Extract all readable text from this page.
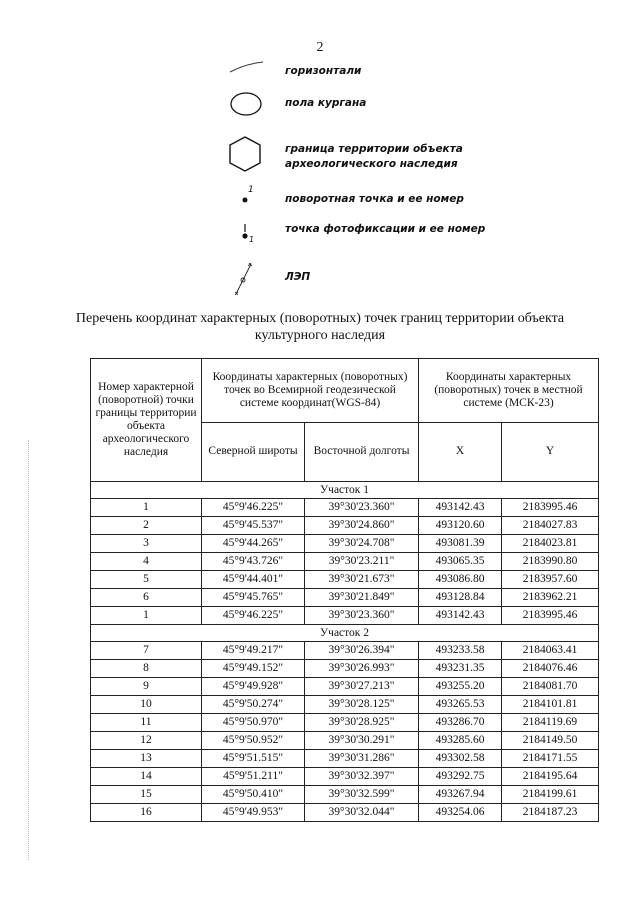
2
горизонтали
пола кургана
граница территории объекта археологического наследия
1
поворотная точка и ее номер
1
точка фотофиксации и ее номер
ЛЭП
Перечень координат характерных (поворотных) точек границ территории объекта культурного наследия
Номер характерной (поворотной) точки границы территории объекта археологического наследия	Координаты характерных (поворотных) точек во Всемирной геодезической системе координат(WGS-84)		Координаты характерных (поворотных) точек в местной системе (МСК-23)	
	Северной широты	Восточной долготы	X	Y
Участок 1				
1	45°9'46.225"	39°30'23.360"	493142.43	2183995.46
2	45°9'45.537"	39°30'24.860"	493120.60	2184027.83
3	45°9'44.265"	39°30'24.708"	493081.39	2184023.81
4	45°9'43.726"	39°30'23.211"	493065.35	2183990.80
5	45°9'44.401"	39°30'21.673"	493086.80	2183957.60
6	45°9'45.765"	39°30'21.849"	493128.84	2183962.21
1	45°9'46.225"	39°30'23.360"	493142.43	2183995.46
Участок 2				
7	45°9'49.217"	39°30'26.394"	493233.58	2184063.41
8	45°9'49.152"	39°30'26.993"	493231.35	2184076.46
9	45°9'49.928"	39°30'27.213"	493255.20	2184081.70
10	45°9'50.274"	39°30'28.125"	493265.53	2184101.81
11	45°9'50.970"	39°30'28.925"	493286.70	2184119.69
12	45°9'50.952"	39°30'30.291"	493285.60	2184149.50
13	45°9'51.515"	39°30'31.286"	493302.58	2184171.55
14	45°9'51.211"	39°30'32.397"	493292.75	2184195.64
15	45°9'50.410"	39°30'32.599"	493267.94	2184199.61
16	45°9'49.953"	39°30'32.044"	493254.06	2184187.23
